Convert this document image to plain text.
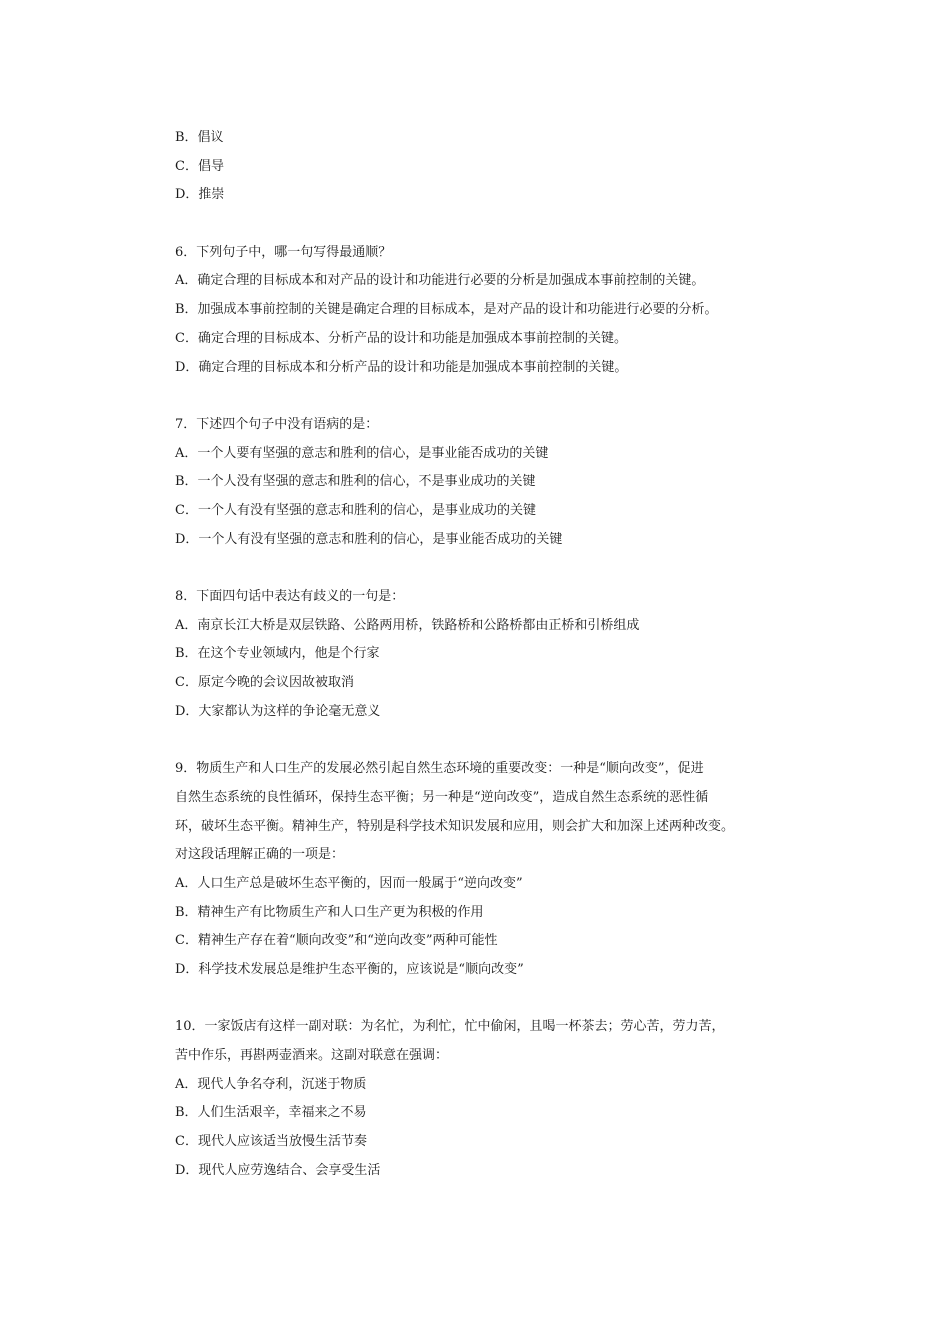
B．倡议
C．倡导
D．推崇
6．下列句子中，哪一句写得最通顺？
A．确定合理的目标成本和对产品的设计和功能进行必要的分析是加强成本事前控制的关键。
B．加强成本事前控制的关键是确定合理的目标成本，是对产品的设计和功能进行必要的分析。
C．确定合理的目标成本、分析产品的设计和功能是加强成本事前控制的关键。
D．确定合理的目标成本和分析产品的设计和功能是加强成本事前控制的关键。
7．下述四个句子中没有语病的是：
A．一个人要有坚强的意志和胜利的信心，是事业能否成功的关键
B．一个人没有坚强的意志和胜利的信心，不是事业成功的关键
C．一个人有没有坚强的意志和胜利的信心，是事业成功的关键
D．一个人有没有坚强的意志和胜利的信心，是事业能否成功的关键
8．下面四句话中表达有歧义的一句是：
A．南京长江大桥是双层铁路、公路两用桥，铁路桥和公路桥都由正桥和引桥组成
B．在这个专业领域内，他是个行家
C．原定今晚的会议因故被取消
D．大家都认为这样的争论毫无意义
9．物质生产和人口生产的发展必然引起自然生态环境的重要改变：一种是“顺向改变”，促进
自然生态系统的良性循环，保持生态平衡；另一种是“逆向改变”，造成自然生态系统的恶性循
环，破坏生态平衡。精神生产，特别是科学技术知识发展和应用，则会扩大和加深上述两种改变。
对这段话理解正确的一项是：
A．人口生产总是破坏生态平衡的，因而一般属于“逆向改变”
B．精神生产有比物质生产和人口生产更为积极的作用
C．精神生产存在着“顺向改变”和“逆向改变”两种可能性
D．科学技术发展总是维护生态平衡的，应该说是“顺向改变”
10．一家饭店有这样一副对联：为名忙，为利忙，忙中偷闲，且喝一杯茶去；劳心苦，劳力苦，
苦中作乐，再斟两壶酒来。这副对联意在强调：
A．现代人争名夺利，沉迷于物质
B．人们生活艰辛，幸福来之不易
C．现代人应该适当放慢生活节奏
D．现代人应劳逸结合、会享受生活
